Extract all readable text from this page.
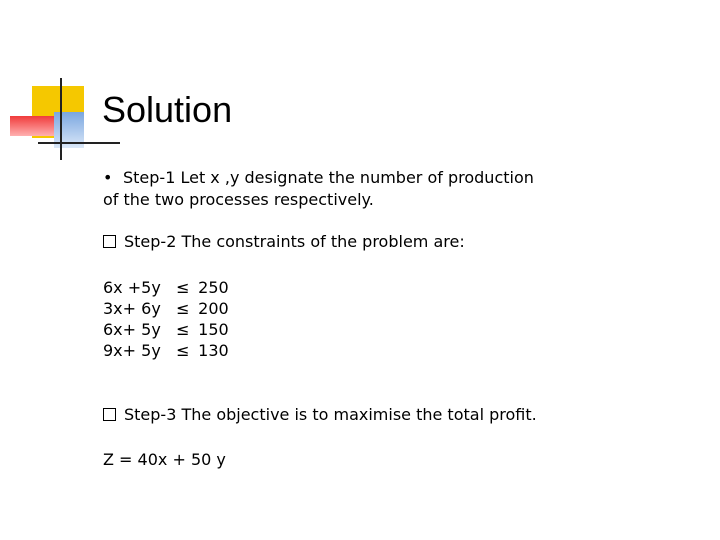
Solution
• Step-1 Let x ,y designate the number of production
of the two processes respectively.
Step-2 The constraints of the problem are:
6x +	5y	≤	250
3x+	6y	≤	200
6x+	5y	≤	150
9x+	5y	≤	130
Step-3 The objective is to maximise the total profit.
Z = 40x + 50 y
